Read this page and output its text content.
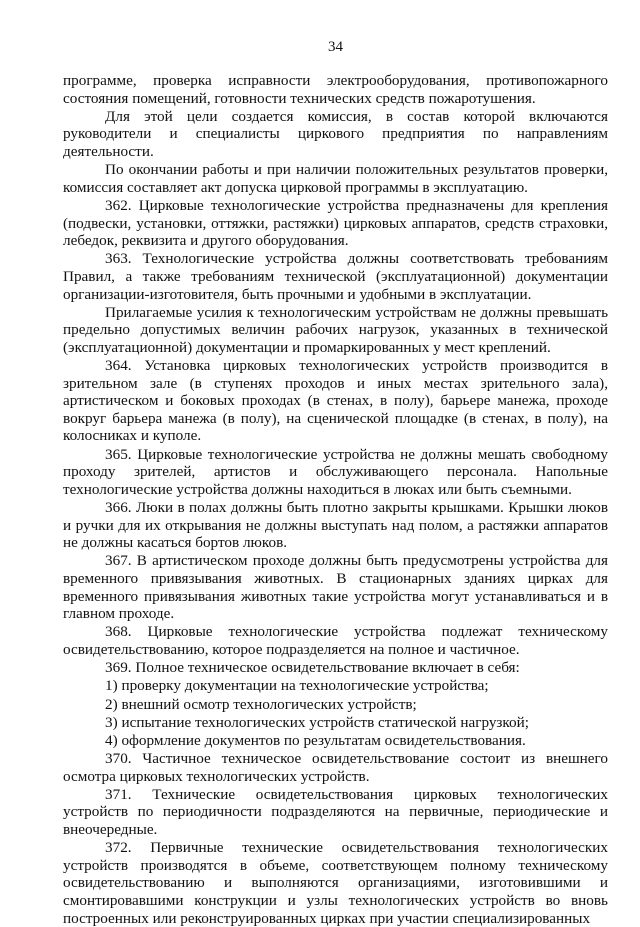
34

программе, проверка исправности электрооборудования, противопожарного состояния помещений, готовности технических средств пожаротушения.

Для этой цели создается комиссия, в состав которой включаются руководители и специалисты циркового предприятия по направлениям деятельности.

По окончании работы и при наличии положительных результатов проверки, комиссия составляет акт допуска цирковой программы в эксплуатацию.

362. Цирковые технологические устройства предназначены для крепления (подвески, установки, оттяжки, растяжки) цирковых аппаратов, средств страховки, лебедок, реквизита и другого оборудования.

363. Технологические устройства должны соответствовать требованиям Правил, а также требованиям технической (эксплуатационной) документации организации-изготовителя, быть прочными и удобными в эксплуатации.

Прилагаемые усилия к технологическим устройствам не должны превышать предельно допустимых величин рабочих нагрузок, указанных в технической (эксплуатационной) документации и промаркированных у мест креплений.

364. Установка цирковых технологических устройств производится в зрительном зале (в ступенях проходов и иных местах зрительного зала), артистическом и боковых проходах (в стенах, в полу), барьере манежа, проходе вокруг барьера манежа (в полу), на сценической площадке (в стенах, в полу), на колосниках и куполе.

365. Цирковые технологические устройства не должны мешать свободному проходу зрителей, артистов и обслуживающего персонала. Напольные технологические устройства должны находиться в люках или быть съемными.

366. Люки в полах должны быть плотно закрыты крышками. Крышки люков и ручки для их открывания не должны выступать над полом, а растяжки аппаратов не должны касаться бортов люков.

367. В артистическом проходе должны быть предусмотрены устройства для временного привязывания животных. В стационарных зданиях цирках для временного привязывания животных такие устройства могут устанавливаться и в главном проходе.

368. Цирковые технологические устройства подлежат техническому освидетельствованию, которое подразделяется на полное и частичное.

369. Полное техническое освидетельствование включает в себя:

1) проверку документации на технологические устройства;

2) внешний осмотр технологических устройств;

3) испытание технологических устройств статической нагрузкой;

4) оформление документов по результатам освидетельствования.

370. Частичное техническое освидетельствование состоит из внешнего осмотра цирковых технологических устройств.

371. Технические освидетельствования цирковых технологических устройств по периодичности подразделяются на первичные, периодические и внеочередные.

372. Первичные технические освидетельствования технологических устройств производятся в объеме, соответствующем полному техническому освидетельствованию и выполняются организациями, изготовившими и смонтировавшими конструкции и узлы технологических устройств во вновь построенных или реконструированных цирках при участии специализированных
